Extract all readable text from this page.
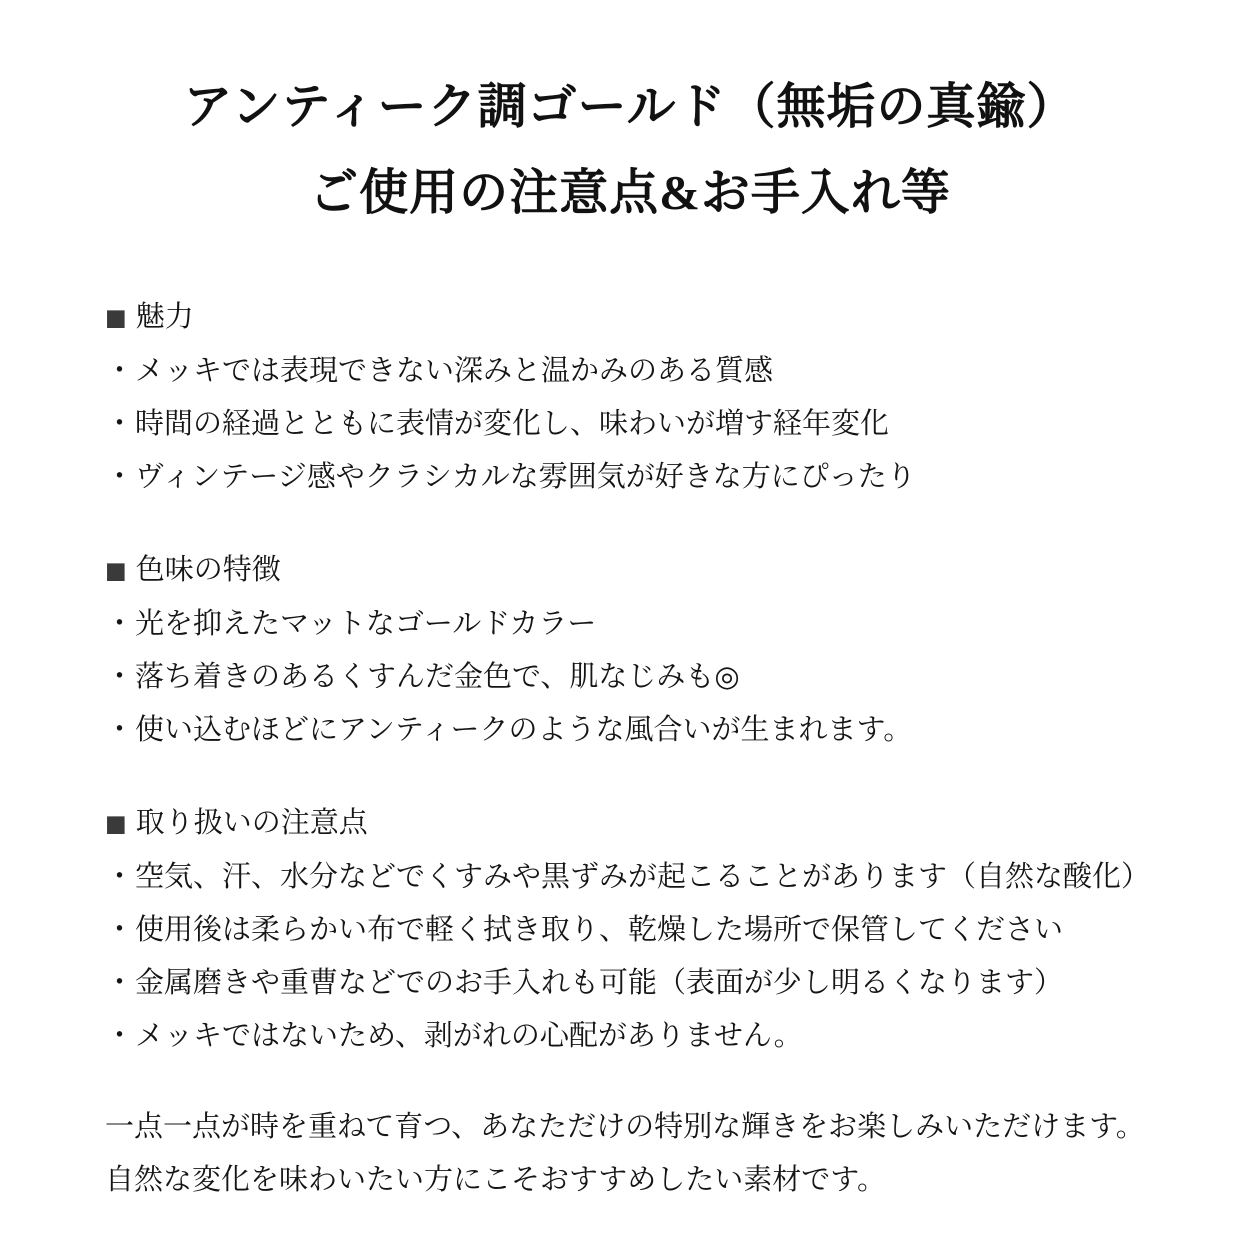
アンティーク調ゴールド（無垢の真鍮）
ご使用の注意点&お手入れ等
■ 魅力
・メッキでは表現できない深みと温かみのある質感
・時間の経過とともに表情が変化し、味わいが増す経年変化
・ヴィンテージ感やクラシカルな雰囲気が好きな方にぴったり
■ 色味の特徴
・光を抑えたマットなゴールドカラー
・落ち着きのあるくすんだ金色で、肌なじみも◎
・使い込むほどにアンティークのような風合いが生まれます。
■ 取り扱いの注意点
・空気、汗、水分などでくすみや黒ずみが起こることがあります（自然な酸化）
・使用後は柔らかい布で軽く拭き取り、乾燥した場所で保管してください
・金属磨きや重曹などでのお手入れも可能（表面が少し明るくなります）
・メッキではないため、剥がれの心配がありません。

一点一点が時を重ねて育つ、あなただけの特別な輝きをお楽しみいただけます。
自然な変化を味わいたい方にこそおすすめしたい素材です。
